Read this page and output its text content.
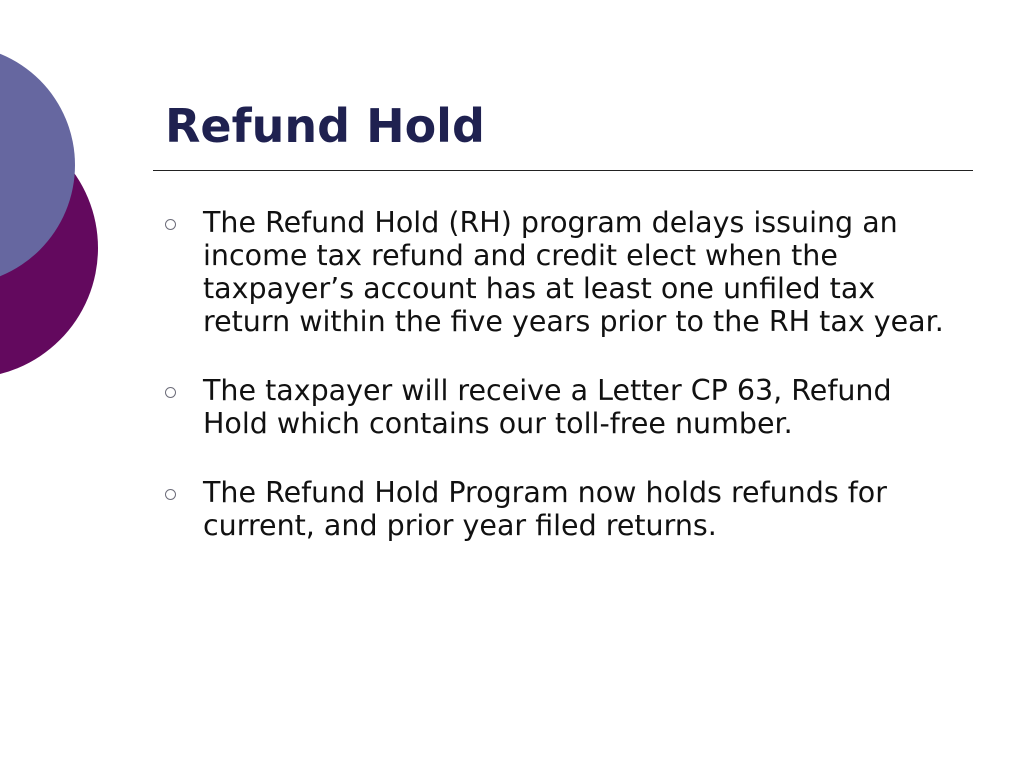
Refund Hold
The Refund Hold (RH) program delays issuing an income tax refund and credit elect when the taxpayer’s account has at least one unfiled tax return within the five years prior to the RH tax year.
The taxpayer will receive a Letter CP 63, Refund Hold which contains our toll-free number.
The Refund Hold Program now holds refunds for current, and prior year filed returns.
